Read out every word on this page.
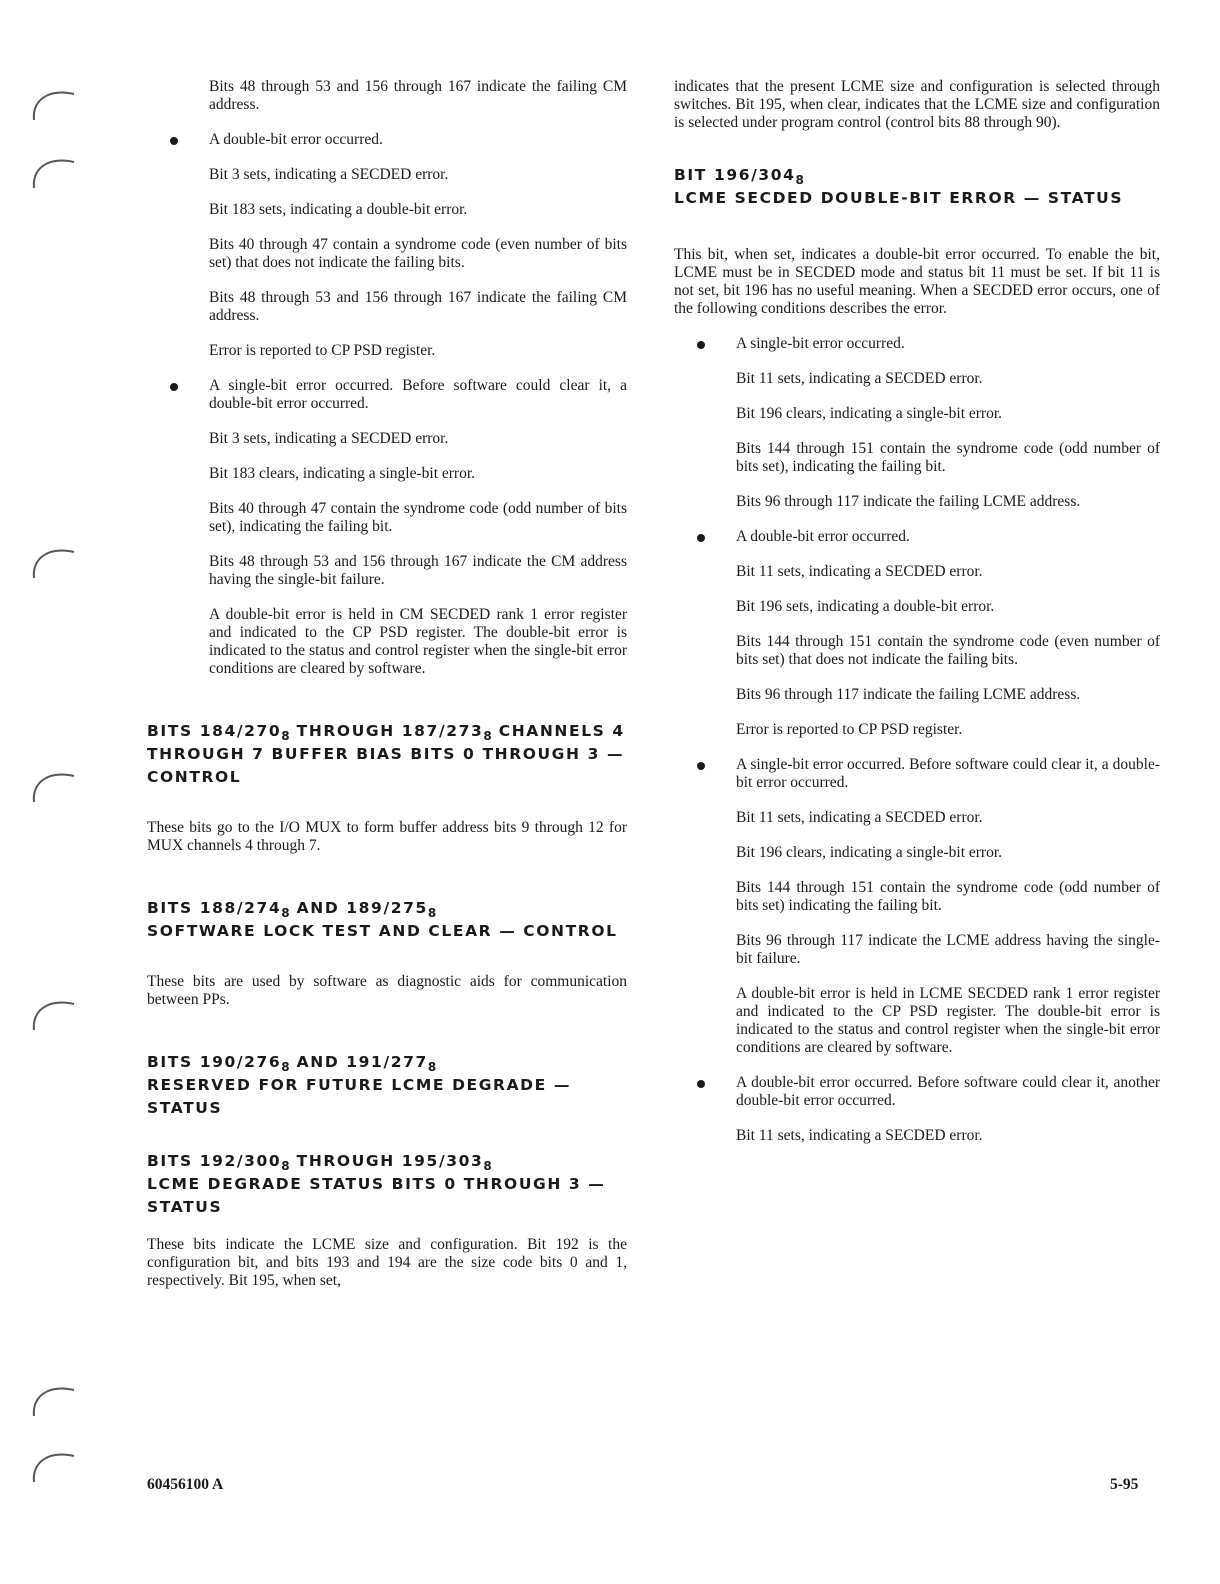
Bits 48 through 53 and 156 through 167 indicate the failing CM address.

A double-bit error occurred.

Bit 3 sets, indicating a SECDED error.

Bit 183 sets, indicating a double-bit error.

Bits 40 through 47 contain a syndrome code (even number of bits set) that does not indicate the failing bits.

Bits 48 through 53 and 156 through 167 indicate the failing CM address.

Error is reported to CP PSD register.

A single-bit error occurred. Before software could clear it, a double-bit error occurred.

Bit 3 sets, indicating a SECDED error.

Bit 183 clears, indicating a single-bit error.

Bits 40 through 47 contain the syndrome code (odd number of bits set), indicating the failing bit.

Bits 48 through 53 and 156 through 167 indicate the CM address having the single-bit failure.

A double-bit error is held in CM SECDED rank 1 error register and indicated to the CP PSD register. The double-bit error is indicated to the status and control register when the single-bit error conditions are cleared by software.

BITS $184/270_8$ THROUGH $187/273_8$ CHANNELS 4 THROUGH 7 BUFFER BIAS BITS 0 THROUGH 3 — CONTROL

These bits go to the I/O MUX to form buffer address bits 9 through 12 for MUX channels 4 through 7.

BITS $188/274_8$ AND $189/275_8$
SOFTWARE LOCK TEST AND CLEAR — CONTROL

These bits are used by software as diagnostic aids for communication between PPs.

BITS $190/276_8$ AND $191/277_8$
RESERVED FOR FUTURE LCME DEGRADE — STATUS
BITS $192/300_8$ THROUGH $195/303_8$
LCME DEGRADE STATUS BITS 0 THROUGH 3 — STATUS

These bits indicate the LCME size and configuration. Bit 192 is the configuration bit, and bits 193 and 194 are the size code bits 0 and 1, respectively. Bit 195, when set,

indicates that the present LCME size and configuration is selected through switches. Bit 195, when clear, indicates that the LCME size and configuration is selected under program control (control bits 88 through 90).

BIT $196/304_8$
LCME SECDED DOUBLE-BIT ERROR — STATUS

This bit, when set, indicates a double-bit error occurred. To enable the bit, LCME must be in SECDED mode and status bit 11 must be set. If bit 11 is not set, bit 196 has no useful meaning. When a SECDED error occurs, one of the following conditions describes the error.

A single-bit error occurred.

Bit 11 sets, indicating a SECDED error.

Bit 196 clears, indicating a single-bit error.

Bits 144 through 151 contain the syndrome code (odd number of bits set), indicating the failing bit.

Bits 96 through 117 indicate the failing LCME address.

A double-bit error occurred.

Bit 11 sets, indicating a SECDED error.

Bit 196 sets, indicating a double-bit error.

Bits 144 through 151 contain the syndrome code (even number of bits set) that does not indicate the failing bits.

Bits 96 through 117 indicate the failing LCME address.

Error is reported to CP PSD register.

A single-bit error occurred. Before software could clear it, a double-bit error occurred.

Bit 11 sets, indicating a SECDED error.

Bit 196 clears, indicating a single-bit error.

Bits 144 through 151 contain the syndrome code (odd number of bits set) indicating the failing bit.

Bits 96 through 117 indicate the LCME address having the single-bit failure.

A double-bit error is held in LCME SECDED rank 1 error register and indicated to the CP PSD register. The double-bit error is indicated to the status and control register when the single-bit error conditions are cleared by software.

A double-bit error occurred. Before software could clear it, another double-bit error occurred.

Bit 11 sets, indicating a SECDED error.

60456100 A	5-95
